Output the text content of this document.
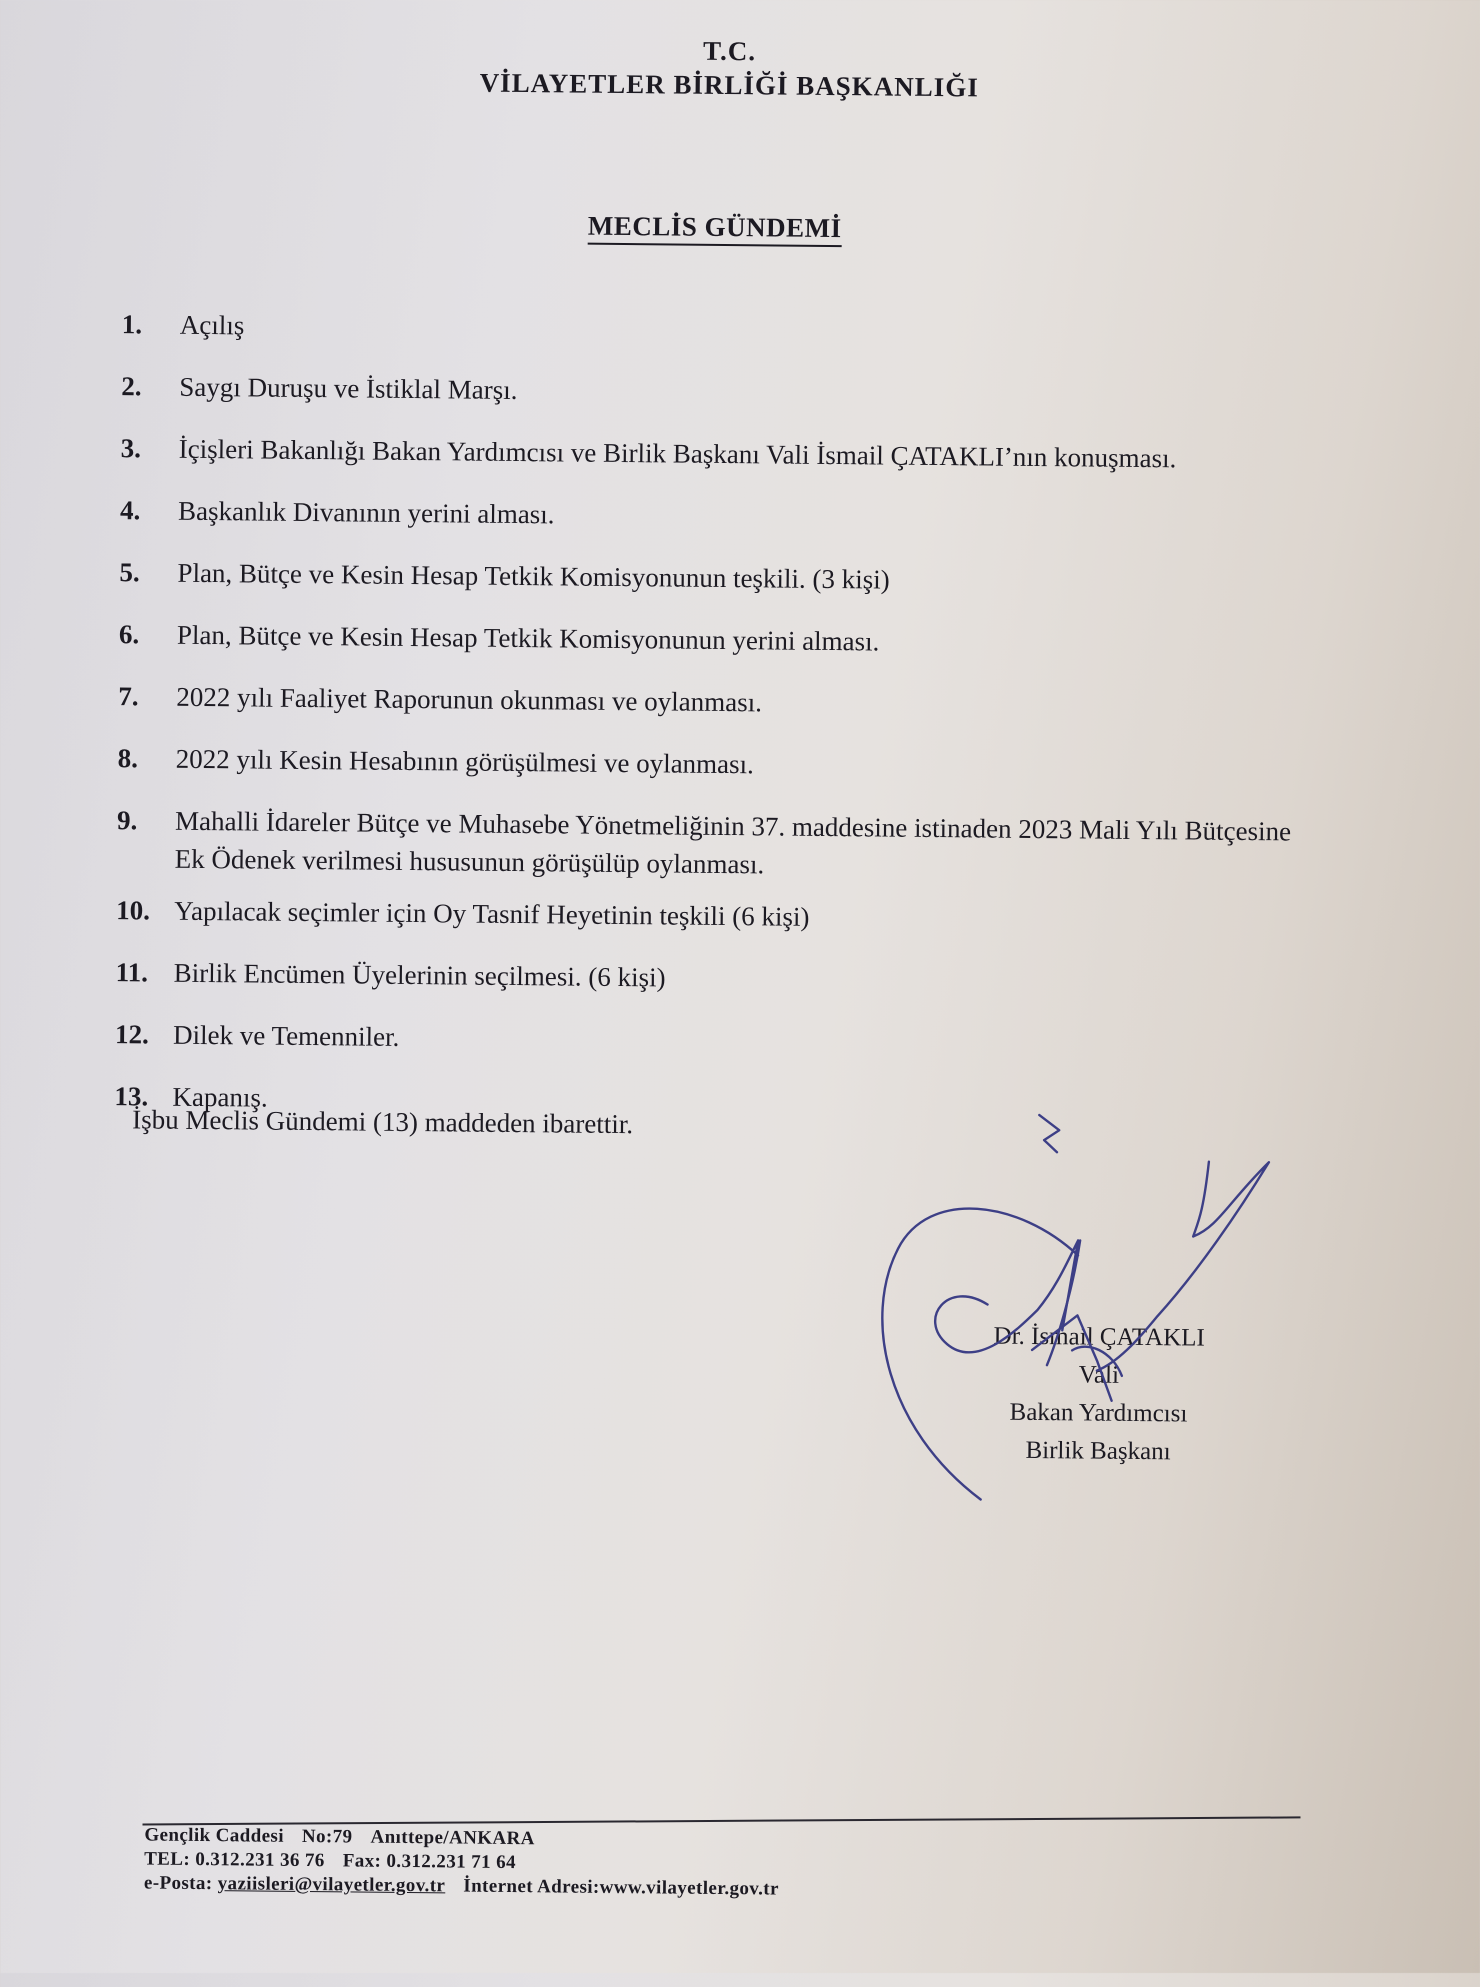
T.C.
VİLAYETLER BİRLİĞİ BAŞKANLIĞI
MECLİS GÜNDEMİ
1.	Açılış
2.	Saygı Duruşu ve İstiklal Marşı.
3.	İçişleri Bakanlığı Bakan Yardımcısı ve Birlik Başkanı Vali İsmail ÇATAKLI’nın konuşması.
4.	Başkanlık Divanının yerini alması.
5.	Plan, Bütçe ve Kesin Hesap Tetkik Komisyonunun teşkili. (3 kişi)
6.	Plan, Bütçe ve Kesin Hesap Tetkik Komisyonunun yerini alması.
7.	2022 yılı Faaliyet Raporunun okunması ve oylanması.
8.	2022 yılı Kesin Hesabının görüşülmesi ve oylanması.
9.	Mahalli İdareler Bütçe ve Muhasebe Yönetmeliğinin 37. maddesine istinaden 2023 Mali Yılı Bütçesine Ek Ödenek verilmesi hususunun görüşülüp oylanması.
10. Yapılacak seçimler için Oy Tasnif Heyetinin teşkili (6 kişi)
11. Birlik Encümen Üyelerinin seçilmesi. (6 kişi)
12. Dilek ve Temenniler.
13. Kapanış.
İşbu Meclis Gündemi (13) maddeden ibarettir.
Dr. İsmail ÇATAKLI
Vali
Bakan Yardımcısı
Birlik Başkanı
Gençlik Caddesi No:79 Anıttepe/ANKARA
TEL: 0.312.231 36 76 Fax: 0.312.231 71 64
e-Posta: yaziisleri@vilayetler.gov.tr İnternet Adresi:www.vilayetler.gov.tr
